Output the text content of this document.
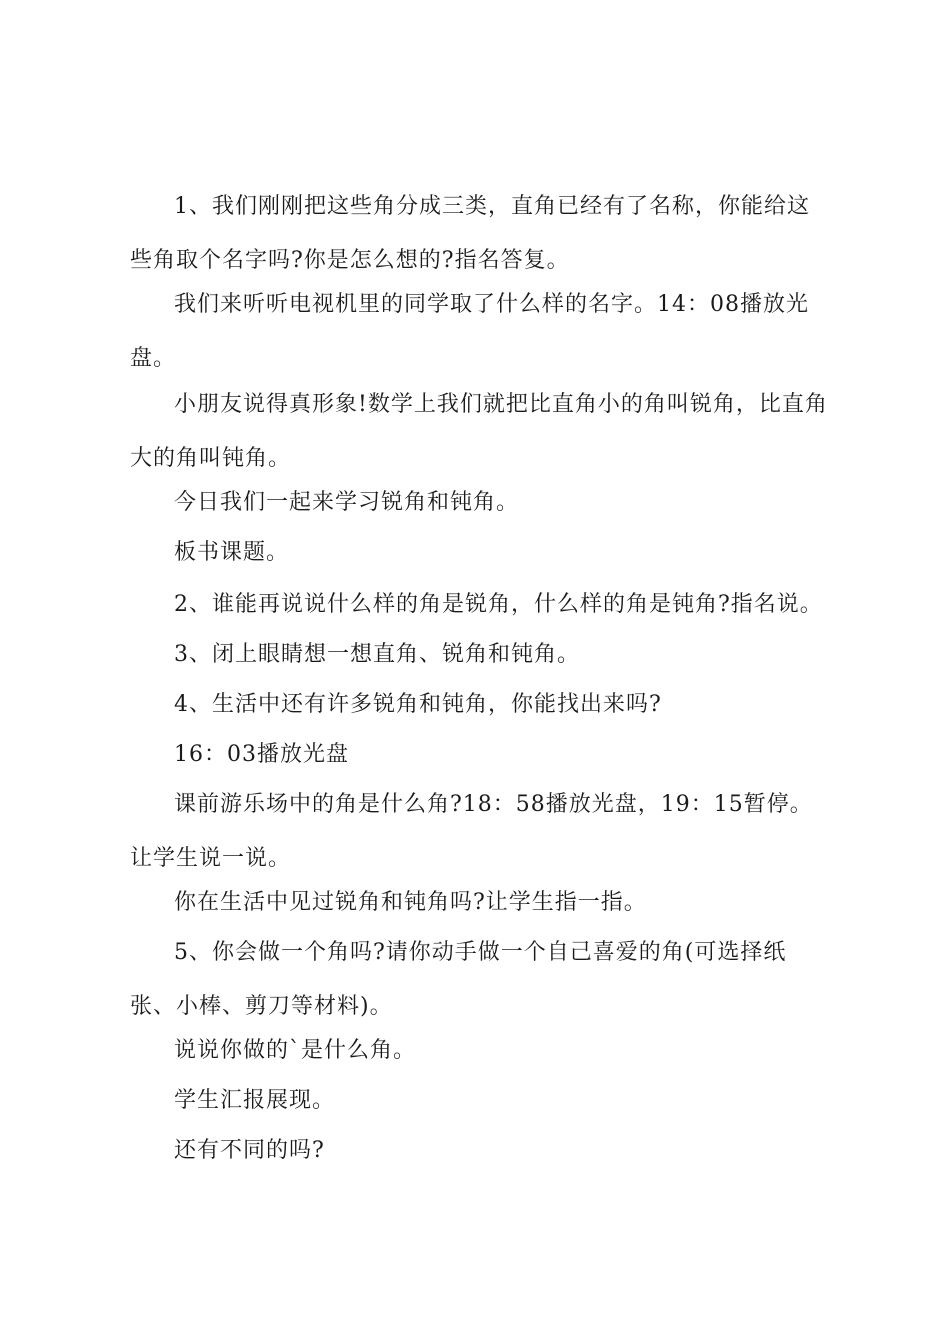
1、我们刚刚把这些角分成三类，直角已经有了名称，你能给这些角取个名字吗?你是怎么想的?指名答复。

我们来听听电视机里的同学取了什么样的名字。14：08播放光盘。

小朋友说得真形象!数学上我们就把比直角小的角叫锐角，比直角大的角叫钝角。

今日我们一起来学习锐角和钝角。

板书课题。

2、谁能再说说什么样的角是锐角，什么样的角是钝角?指名说。

3、闭上眼睛想一想直角、锐角和钝角。

4、生活中还有许多锐角和钝角，你能找出来吗?

16：03播放光盘

课前游乐场中的角是什么角?18：58播放光盘，19：15暂停。让学生说一说。

你在生活中见过锐角和钝角吗?让学生指一指。

5、你会做一个角吗?请你动手做一个自己喜爱的角(可选择纸张、小棒、剪刀等材料)。

说说你做的`是什么角。

学生汇报展现。

还有不同的吗?
